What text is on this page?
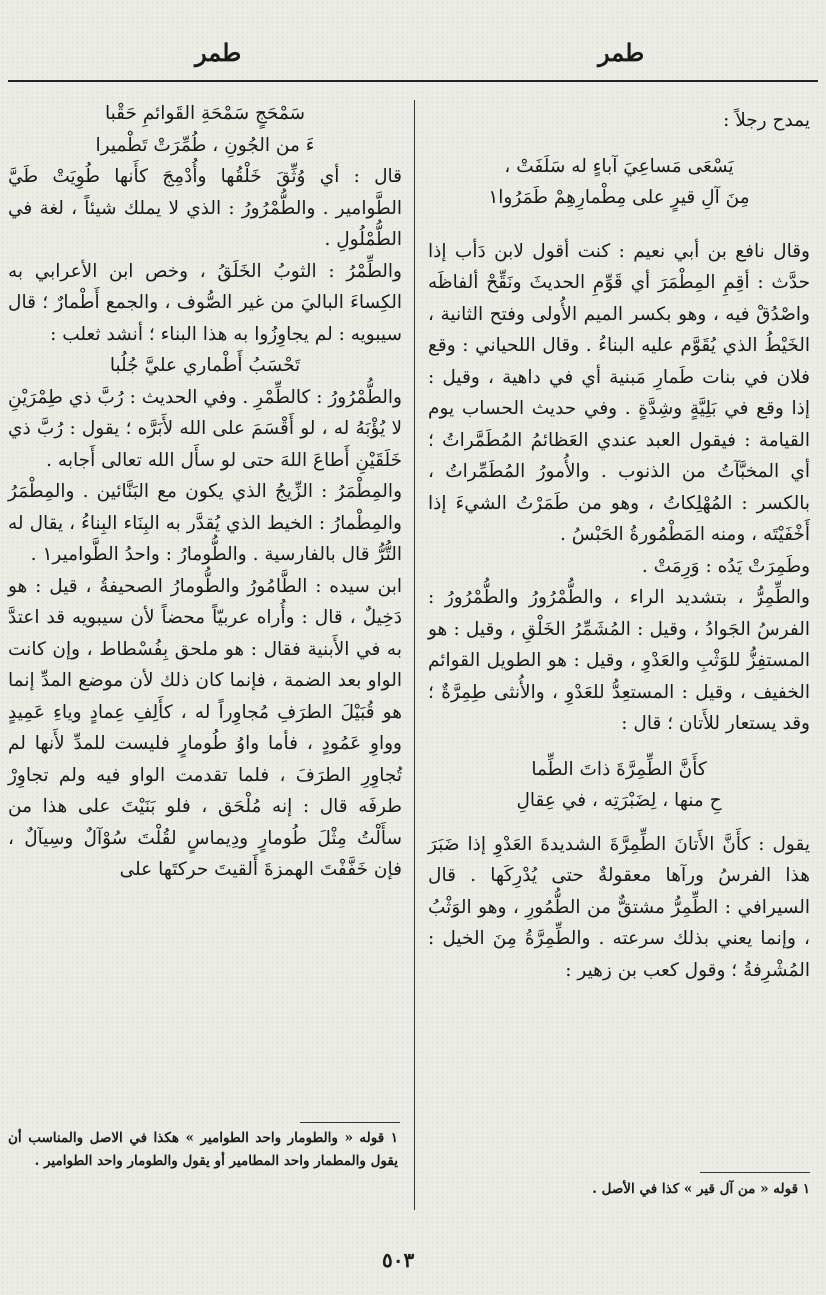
طمر	طمر

يمدح رجلاً :

يَسْعَى مَساعِيَ آباءٍ له سَلَفَتْ ،

مِنَ آلِ قيرٍ على مِطْمارِهِمْ طَمَرُوا١

وقال نافع بن أبي نعيم : كنت أقول لابن دَأب إذا حدَّث : أقِمِ المِطْمَرَ أي قَوِّمِ الحديثَ ونَقِّحْ ألفاظَه واصْدُقْ فيه ، وهو بكسر الميم الأُولى وفتح الثانية ، الخَيْطُ الذي يُقَوَّم عليه البناءُ . وقال اللحياني : وقع فلان في بنات طَمارِ مَبنية أي في داهية ، وقيل : إذا وقع في بَلِيَّةٍ وشِدَّةٍ . وفي حديث الحساب يوم القيامة : فيقول العبد عندي العَظائمُ المُطَمَّراتُ ؛ أي المخبَّآتُ من الذنوب . والأُمورُ المُطَمِّراتُ ، بالكسر : المُهْلِكاتُ ، وهو من طَمَرْتُ الشيءَ إذا أَخْفَيْتَه ، ومنه المَطْمُورةُ الحَبْسُ .

وطَمِرَتْ يَدُه : وَرِمَتْ .

والطِّمِرُّ ، بتشديد الراء ، والطُّمْرُورُ والطُّمْرُورُ : الفرسُ الجَوادُ ، وقيل : المُشَمِّرُ الخَلْقِ ، وقيل : هو المستفِزُّ للوَثْبِ والعَدْوِ ، وقيل : هو الطويل القوائم الخفيف ، وقيل : المستعِدُّ للعَدْوِ ، والأُنثى طِمِرَّةٌ ؛ وقد يستعار للأَتان ؛ قال :

كأَنَّ الطِّمِرَّةَ ذاتَ الطِّما

حِ منها ، لِضَبْرَتِه ، في عِقالِ

يقول : كأَنَّ الأَتانَ الطِّمِرَّةَ الشديدةَ العَدْوِ إذا ضَبَرَ هذا الفرسُ ورآها معقولةٌ حتى يُدْرِكَها . قال السيرافي : الطِّمِرُّ مشتقٌّ من الطُّمُورِ ، وهو الوَثْبُ ، وإنما يعني بذلك سرعته . والطِّمِرَّةُ مِنَ الخيل : المُشْرِفةُ ؛ وقول كعب بن زهير :

سَمْحَجٍ سَمْحَةِ القَوائمِ حَقْبا

ءَ من الجُونِ ، طُمِّرَتْ تَطْميرا

قال : أي وُثِّقَ خَلْقُها وأُدْمِجَ كأَنها طُوِيَتْ طَيَّ الطَّوامير . والطُّمْرُورُ : الذي لا يملك شيئاً ، لغة في الطُّمْلُولِ .

والطِّمْرُ : الثوبُ الخَلَقُ ، وخص ابن الأعرابي به الكِساءَ الباليَ من غير الصُّوف ، والجمع أَطْمارٌ ؛ قال سيبويه : لم يجاوِزُوا به هذا البناء ؛ أنشد ثعلب :

تَحْسَبُ أَطْماري عليَّ جُلُبا

والطُّمْرُورُ : كالطِّمْرِ . وفي الحديث : رُبَّ ذي طِمْرَيْنِ لا يُؤْبَهُ له ، لو أَقْسَمَ على الله لأَبَرَّه ؛ يقول : رُبَّ ذي خَلَقَيْنِ أَطاعَ اللهَ حتى لو سأَل الله تعالى أَجابه .

والمِطْمَرُ : الزِّيجُ الذي يكون مع البَنَّائين . والمِطْمَرُ والمِطْمارُ : الخيط الذي يُقدَّر به البِنَاء البِناءُ ، يقال له التُّرُّ قال بالفارسية . والطُّومارُ : واحدُ الطَّوامير١ .

ابن سيده : الطَّامُورُ والطُّومارُ الصحيفةُ ، قيل : هو دَخِيلٌ ، قال : وأُراه عربيّاً محضاً لأن سيبويه قد اعتدَّ به في الأَبنية فقال : هو ملحق بِفُسْطاط ، وإن كانت الواو بعد الضمة ، فإنما كان ذلك لأن موضع المدِّ إنما هو قُبَيْلَ الطرَفِ مُجاوِراً له ، كأَلِفِ عِمادٍ وياءِ عَمِيدٍ وواوِ عَمُودٍ ، فأما واوُ طُومارٍ فليست للمدِّ لأَنها لم تُجاوِرِ الطرَفَ ، فلما تقدمت الواو فيه ولم تجاوِرْ طرفَه قال : إنه مُلْحَق ، فلو بَنَيْتَ على هذا من سأَلْتُ مِثْلَ طُومارٍ ودِيماسٍ لقُلْتَ سُوْآلٌ وسِيآلٌ ، فإن خَفَّفْتَ الهمزةَ أَلقيتَ حركتَها على

١ قوله « والطومار واحد الطوامير » هكذا في الاصل والمناسب أن يقول والمطمار واحد المطامير أو يقول والطومار واحد الطوامير .
١ قوله « من آل قير » كذا في الأصل .
٥٠٣
